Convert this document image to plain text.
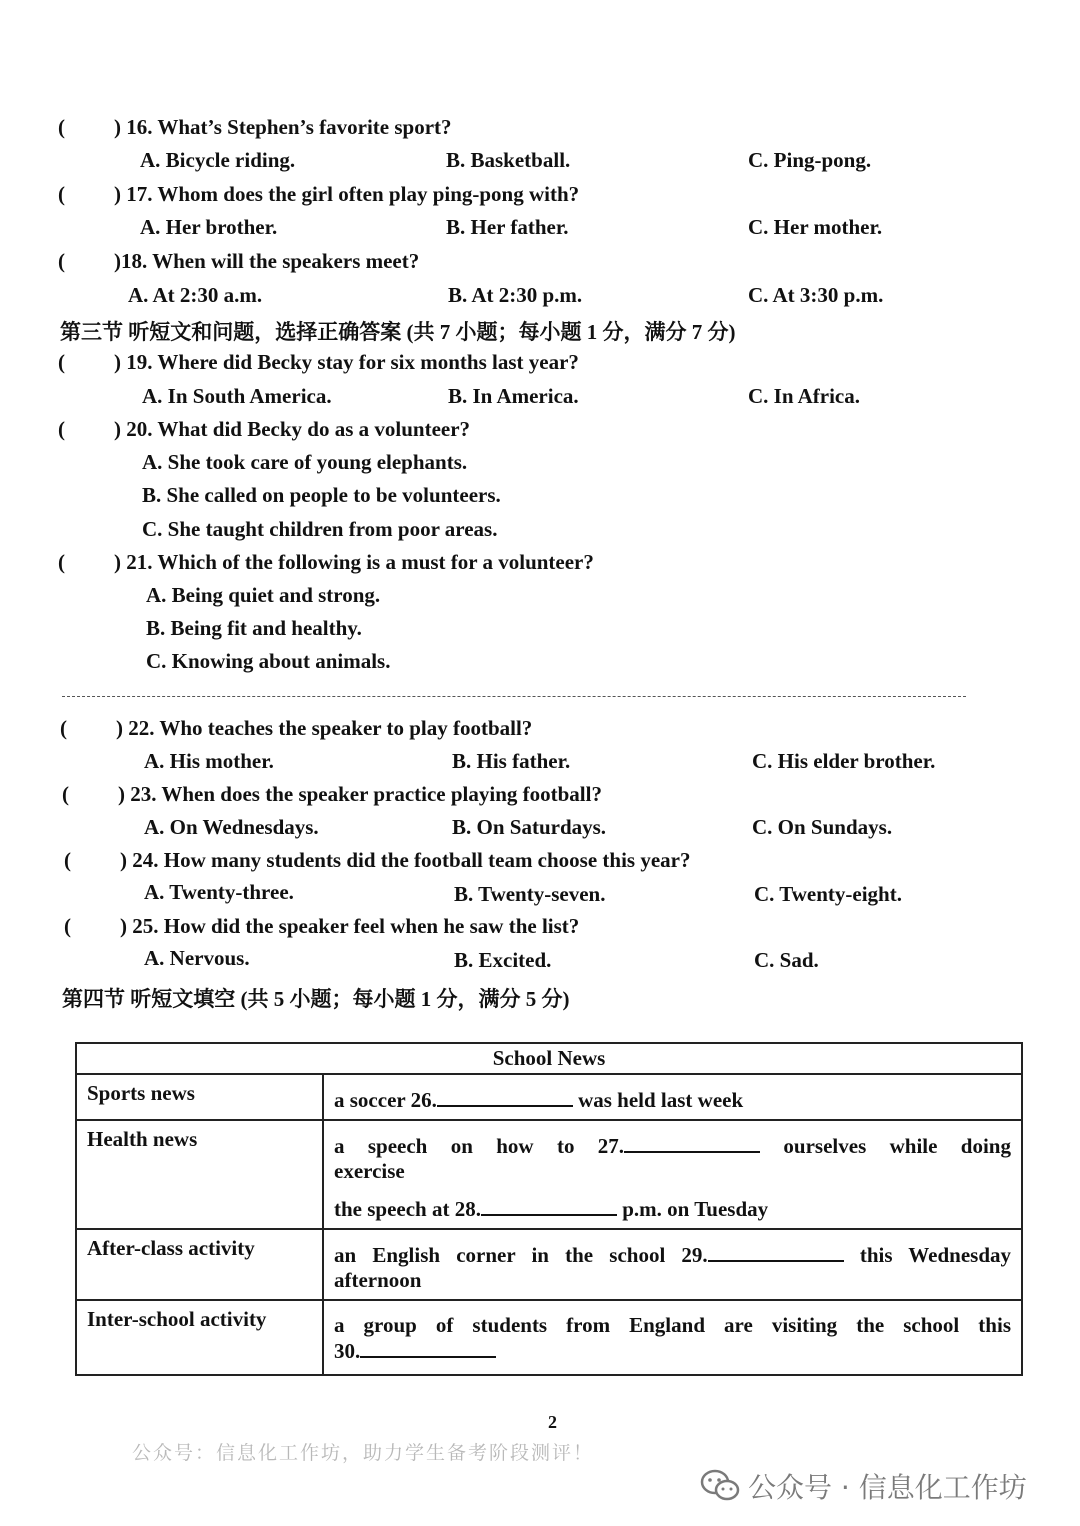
( ) 16. What’s Stephen’s favorite sport?
A. Bicycle riding.	B. Basketball.	C. Ping-pong.
( ) 17. Whom does the girl often play ping-pong with?
A. Her brother.	B. Her father.	C. Her mother.
( )18. When will the speakers meet?
A. At 2:30 a.m.	B. At 2:30 p.m.	C. At 3:30 p.m.
第三节 听短文和问题，选择正确答案 (共 7 小题；每小题 1 分，满分 7 分)
( ) 19. Where did Becky stay for six months last year?
A. In South America.	B. In America.	C. In Africa.
( ) 20. What did Becky do as a volunteer?
A. She took care of young elephants.
B. She called on people to be volunteers.
C. She taught children from poor areas.
( ) 21. Which of the following is a must for a volunteer?
A. Being quiet and strong.
B. Being fit and healthy.
C. Knowing about animals.
( ) 22. Who teaches the speaker to play football?
A. His mother.	B. His father.	C. His elder brother.
( ) 23. When does the speaker practice playing football?
A. On Wednesdays.	B. On Saturdays.	C. On Sundays.
( ) 24. How many students did the football team choose this year?
A. Twenty-three.	B. Twenty-seven.	C. Twenty-eight.
( ) 25. How did the speaker feel when he saw the list?
A. Nervous.	B. Excited.	C. Sad.
第四节 听短文填空 (共 5 小题；每小题 1 分，满分 5 分)
School News	
Sports news	a soccer 26. was held last week
Health news	a speech on how to 27. ourselves while doing
exercise
the speech at 28. p.m. on Tuesday

After-class activity	an English corner in the school 29. this Wednesday
afternoon

Inter-school activity	a group of students from England are visiting the school this
30.
2
公众号：信息化工作坊，助力学生备考阶段测评！
公众号 · 信息化工作坊
